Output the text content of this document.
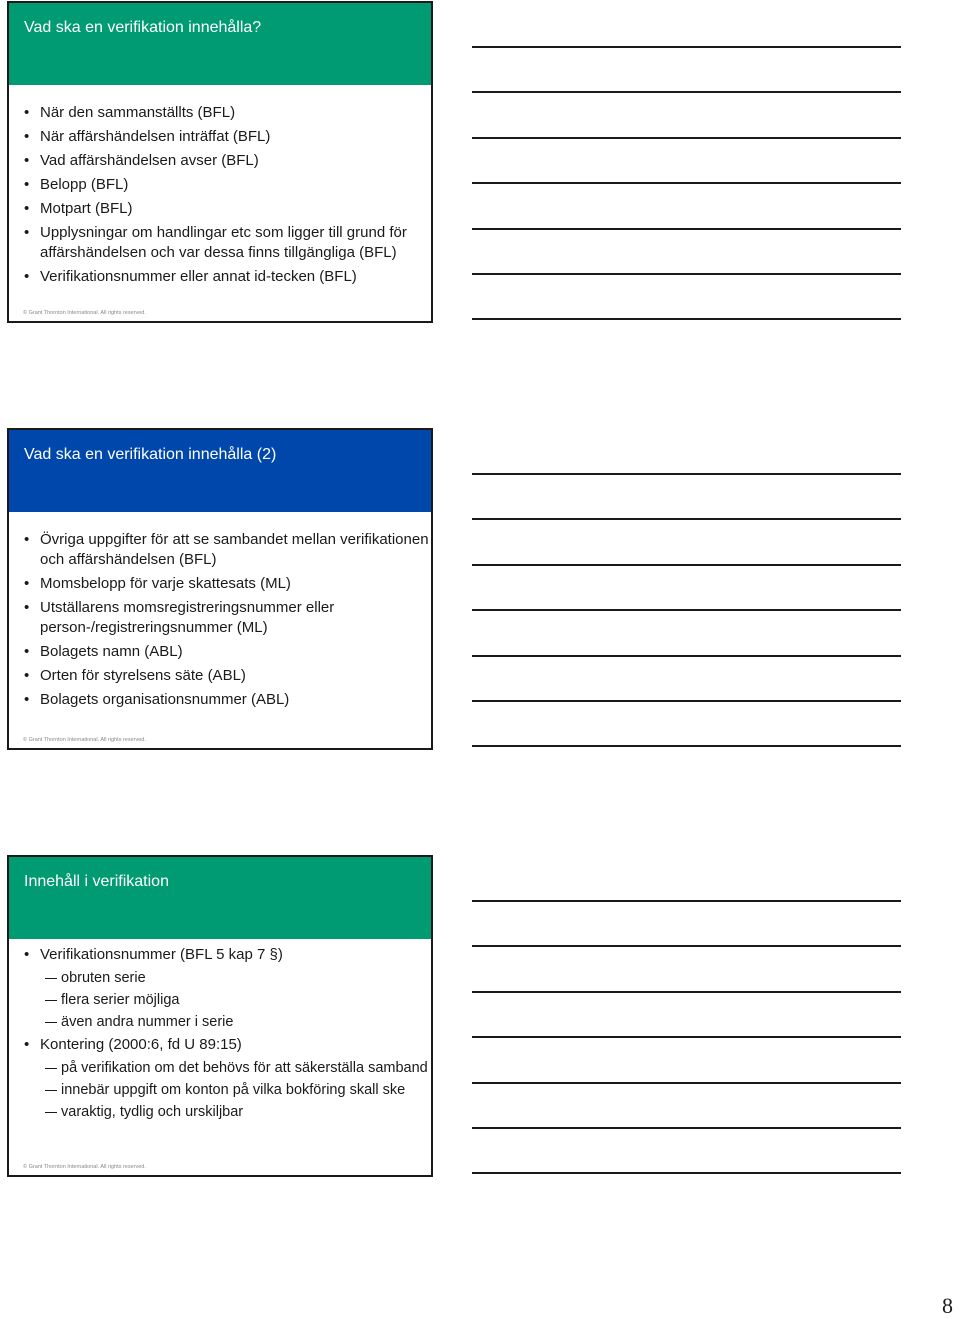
Vad ska en verifikation innehålla?
• När den sammanställts (BFL)
• När affärshändelsen inträffat (BFL)
• Vad affärshändelsen avser (BFL)
• Belopp (BFL)
• Motpart (BFL)
• Upplysningar om handlingar etc som ligger till grund för affärshändelsen och var dessa finns tillgängliga (BFL)
• Verifikationsnummer eller annat id-tecken (BFL)
© Grant Thornton International. All rights reserved.
Vad ska en verifikation innehålla (2)
• Övriga uppgifter för att se sambandet mellan verifikationen och affärshändelsen (BFL)
• Momsbelopp för varje skattesats (ML)
• Utställarens momsregistreringsnummer eller person-/registreringsnummer (ML)
• Bolagets namn (ABL)
• Orten för styrelsens säte (ABL)
• Bolagets organisationsnummer (ABL)
© Grant Thornton International. All rights reserved.
Innehåll i verifikation
• Verifikationsnummer (BFL 5 kap 7 §)
obruten serie
flera serier möjliga
även andra nummer i serie
• Kontering (2000:6, fd U 89:15)
på verifikation om det behövs för att säkerställa samband
innebär uppgift om konton på vilka bokföring skall ske
varaktig, tydlig och urskiljbar
© Grant Thornton International. All rights reserved.
8
